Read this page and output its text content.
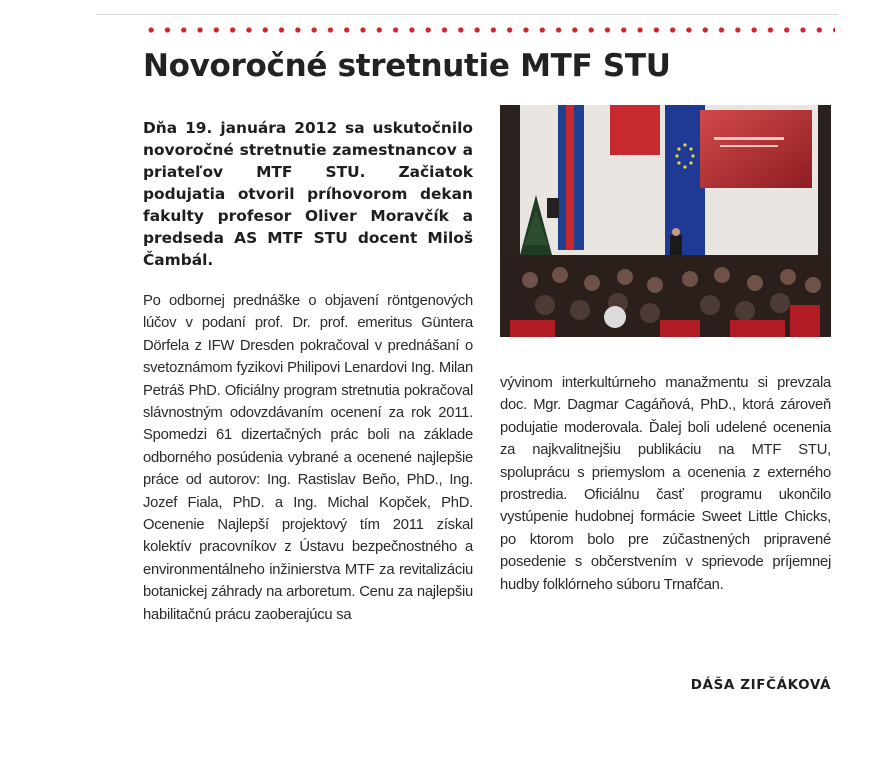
Novoročné stretnutie MTF STU

Dňa 19. januára 2012 sa uskutočnilo novoročné stretnutie zamestnancov a priateľov MTF STU. Začiatok podujatia otvoril príhovorom dekan fakulty profesor Oliver Moravčík a predseda AS MTF STU docent Miloš Čambál.

Po odbornej prednáške o objavení röntgenových lúčov v podaní prof. Dr. prof. emeritus Güntera Dörfela z IFW Dresden pokračoval v prednášaní o svetoznámom fyzikovi Philipovi Lenardovi Ing. Milan Petráš PhD. Oficiálny program stretnutia pokračoval slávnostným odovzdávaním ocenení za rok 2011. Spomedzi 61 dizertačných prác boli na základe odborného posúdenia vybrané a ocenené najlepšie práce od autorov: Ing. Rastislav Beňo, PhD., Ing. Jozef Fiala, PhD. a Ing. Michal Kopček, PhD. Ocenenie Najlepší projektový tím 2011 získal kolektív pracovníkov z Ústavu bezpečnostného a environmentálneho inžinierstva MTF za revitalizáciu botanickej záhrady na arboretum. Cenu za najlepšiu habilitačnú prácu zaoberajúcu sa

vývinom interkultúrneho manažmentu si prevzala doc. Mgr. Dagmar Cagáňová, PhD., ktorá zároveň podujatie moderovala. Ďalej boli udelené ocenenia za najkvalitnejšiu publikáciu na MTF STU, spoluprácu s priemyslom a ocenenia z externého prostredia. Oficiálnu časť programu ukončilo vystúpenie hudobnej formácie Sweet Little Chicks, po ktorom bolo pre zúčastnených pripravené posedenie s občerstvením v sprievode príjemnej hudby folklórneho súboru Trnafčan.

DÁŠA ZIFČÁKOVÁ
